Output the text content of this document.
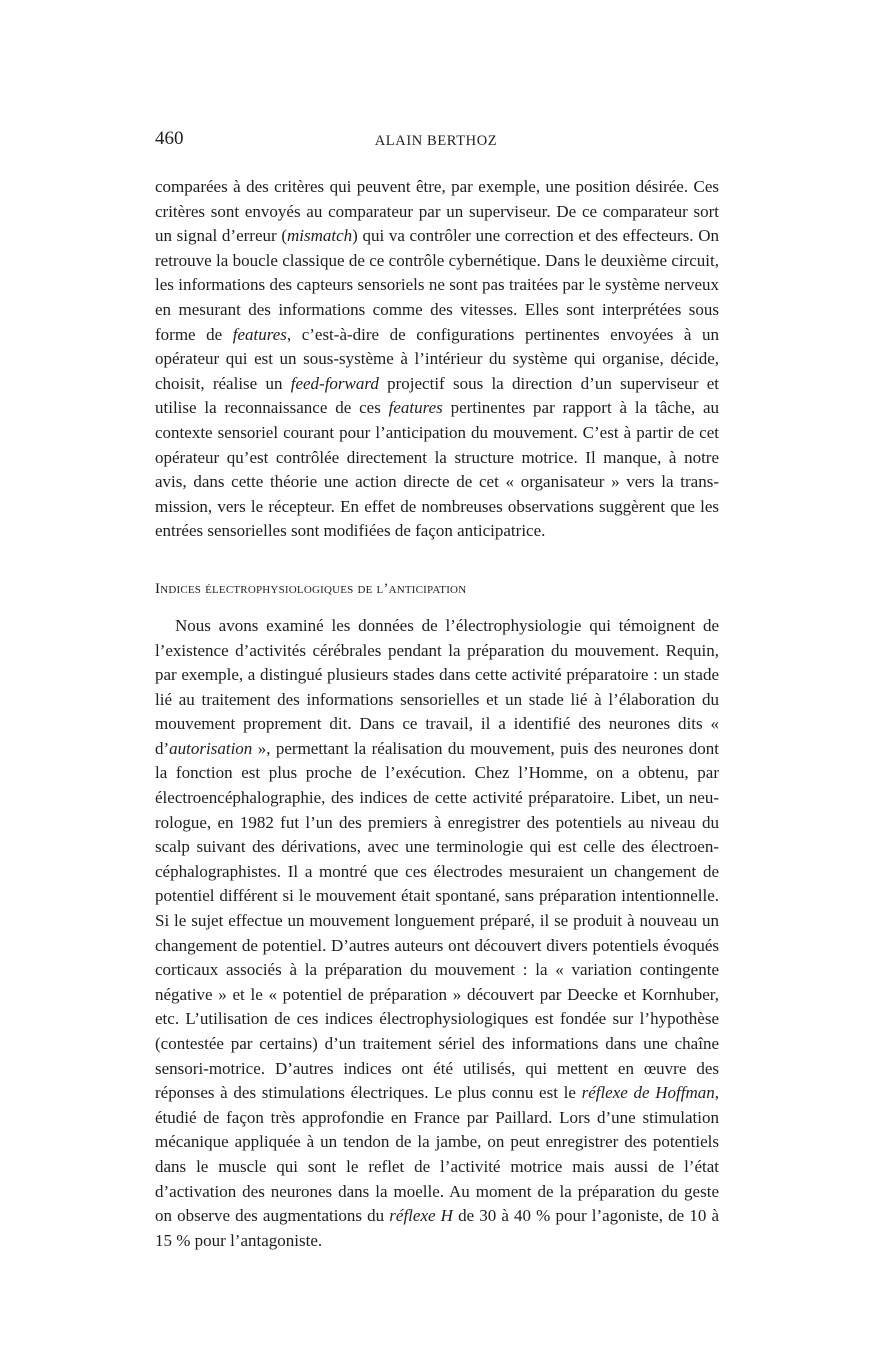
460	ALAIN BERTHOZ

comparées à des critères qui peuvent être, par exemple, une position désirée. Ces critères sont envoyés au comparateur par un superviseur. De ce comparateur sort un signal d’erreur (mismatch) qui va contrôler une correction et des effecteurs. On retrouve la boucle classique de ce contrôle cybernétique. Dans le deuxième circuit, les informations des capteurs sensoriels ne sont pas traitées par le système nerveux en mesurant des informations comme des vitesses. Elles sont interprétées sous forme de features, c’est-à-dire de configurations pertinentes envoyées à un opérateur qui est un sous-système à l’intérieur du système qui organise, décide, choisit, réalise un feed-forward projectif sous la direction d’un superviseur et utilise la reconnaissance de ces features pertinentes par rapport à la tâche, au contexte sensoriel courant pour l’anticipation du mouvement. C’est à partir de cet opérateur qu’est contrôlée directement la structure motrice. Il manque, à notre avis, dans cette théorie une action directe de cet « organisateur » vers la transmission, vers le récepteur. En effet de nombreuses observations suggèrent que les entrées sensorielles sont modifiées de façon anticipatrice.

Indices électrophysiologiques de l’anticipation

Nous avons examiné les données de l’électrophysiologie qui témoignent de l’existence d’activités cérébrales pendant la préparation du mouvement. Requin, par exemple, a distingué plusieurs stades dans cette activité préparatoire : un stade lié au traitement des informations sensorielles et un stade lié à l’élaboration du mouvement proprement dit. Dans ce travail, il a identifié des neurones dits « d’autorisation », permettant la réalisation du mouvement, puis des neurones dont la fonction est plus proche de l’exécution. Chez l’Homme, on a obtenu, par électroencéphalographie, des indices de cette activité préparatoire. Libet, un neurologue, en 1982 fut l’un des premiers à enregistrer des potentiels au niveau du scalp suivant des dérivations, avec une terminologie qui est celle des électroencéphalographistes. Il a montré que ces électrodes mesuraient un changement de potentiel différent si le mouvement était spontané, sans préparation intentionnelle. Si le sujet effectue un mouvement longuement préparé, il se produit à nouveau un changement de potentiel. D’autres auteurs ont découvert divers potentiels évoqués corticaux associés à la préparation du mouvement : la « variation contingente négative » et le « potentiel de préparation » découvert par Deecke et Kornhuber, etc. L’utilisation de ces indices électrophysiologiques est fondée sur l’hypothèse (contestée par certains) d’un traitement sériel des informations dans une chaîne sensori-motrice. D’autres indices ont été utilisés, qui mettent en œuvre des réponses à des stimulations électriques. Le plus connu est le réflexe de Hoffman, étudié de façon très approfondie en France par Paillard. Lors d’une stimulation mécanique appliquée à un tendon de la jambe, on peut enregistrer des potentiels dans le muscle qui sont le reflet de l’activité motrice mais aussi de l’état d’activation des neurones dans la moelle. Au moment de la préparation du geste on observe des augmentations du réflexe H de 30 à 40 % pour l’agoniste, de 10 à 15 % pour l’antagoniste.
